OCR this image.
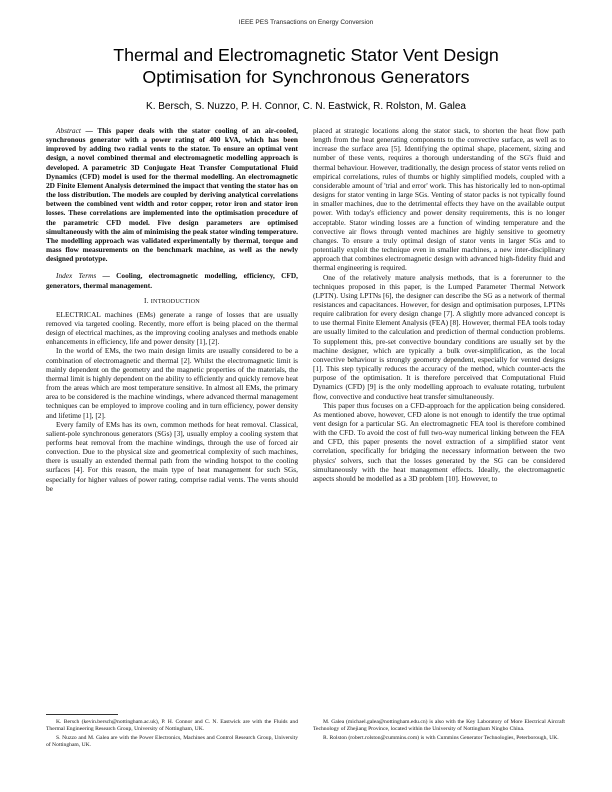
IEEE PES Transactions on Energy Conversion
Thermal and Electromagnetic Stator Vent Design
Optimisation for Synchronous Generators
K. Bersch, S. Nuzzo, P. H. Connor, C. N. Eastwick, R. Rolston, M. Galea

Abstract — This paper deals with the stator cooling of an air-cooled, synchronous generator with a power rating of 400 kVA, which has been improved by adding two radial vents to the stator. To ensure an optimal vent design, a novel combined thermal and electromagnetic modelling approach is developed. A parametric 3D Conjugate Heat Transfer Computational Fluid Dynamics (CFD) model is used for the thermal modelling. An electromagnetic 2D Finite Element Analysis determined the impact that venting the stator has on the loss distribution. The models are coupled by deriving analytical correlations between the combined vent width and rotor copper, rotor iron and stator iron losses. These correlations are implemented into the optimisation procedure of the parametric CFD model. Five design parameters are optimised simultaneously with the aim of minimising the peak stator winding temperature. The modelling approach was validated experimentally by thermal, torque and mass flow measurements on the benchmark machine, as well as the newly designed prototype.

Index Terms — Cooling, electromagnetic modelling, efficiency, CFD, generators, thermal management.

I. INTRODUCTION

ELECTRICAL machines (EMs) generate a range of losses that are usually removed via targeted cooling. Recently, more effort is being placed on the thermal design of electrical machines, as the improving cooling analyses and methods enable enhancements in efficiency, life and power density [1], [2].

In the world of EMs, the two main design limits are usually considered to be a combination of electromagnetic and thermal [2]. Whilst the electromagnetic limit is mainly dependent on the geometry and the magnetic properties of the materials, the thermal limit is highly dependent on the ability to efficiently and quickly remove heat from the areas which are most temperature sensitive. In almost all EMs, the primary area to be considered is the machine windings, where advanced thermal management techniques can be employed to improve cooling and in turn efficiency, power density and lifetime [1], [2].

Every family of EMs has its own, common methods for heat removal. Classical, salient-pole synchronous generators (SGs) [3], usually employ a cooling system that performs heat removal from the machine windings, through the use of forced air convection. Due to the physical size and geometrical complexity of such machines, there is usually an extended thermal path from the winding hotspot to the cooling surfaces [4]. For this reason, the main type of heat management for such SGs, especially for higher values of power rating, comprise radial vents. The vents should be

placed at strategic locations along the stator stack, to shorten the heat flow path length from the heat generating components to the convective surface, as well as to increase the surface area [5]. Identifying the optimal shape, placement, sizing and number of these vents, requires a thorough understanding of the SG's fluid and thermal behaviour. However, traditionally, the design process of stator vents relied on empirical correlations, rules of thumbs or highly simplified models, coupled with a considerable amount of 'trial and error' work. This has historically led to non-optimal designs for stator venting in large SGs. Venting of stator packs is not typically found in smaller machines, due to the detrimental effects they have on the available output power. With today's efficiency and power density requirements, this is no longer acceptable. Stator winding losses are a function of winding temperature and the convective air flows through vented machines are highly sensitive to geometry changes. To ensure a truly optimal design of stator vents in larger SGs and to potentially exploit the technique even in smaller machines, a new inter-disciplinary approach that combines electromagnetic design with advanced high-fidelity fluid and thermal engineering is required.

One of the relatively mature analysis methods, that is a forerunner to the techniques proposed in this paper, is the Lumped Parameter Thermal Network (LPTN). Using LPTNs [6], the designer can describe the SG as a network of thermal resistances and capacitances. However, for design and optimisation purposes, LPTNs require calibration for every design change [7]. A slightly more advanced concept is to use thermal Finite Element Analysis (FEA) [8]. However, thermal FEA tools today are usually limited to the calculation and prediction of thermal conduction problems. To supplement this, pre-set convective boundary conditions are usually set by the machine designer, which are typically a bulk over-simplification, as the local convective behaviour is strongly geometry dependent, especially for vented designs [1]. This step typically reduces the accuracy of the method, which counter-acts the purpose of the optimisation. It is therefore perceived that Computational Fluid Dynamics (CFD) [9] is the only modelling approach to evaluate rotating, turbulent flow, convective and conductive heat transfer simultaneously.

This paper thus focuses on a CFD-approach for the application being considered. As mentioned above, however, CFD alone is not enough to identify the true optimal vent design for a particular SG. An electromagnetic FEA tool is therefore combined with the CFD. To avoid the cost of full two-way numerical linking between the FEA and CFD, this paper presents the novel extraction of a simplified stator vent correlation, specifically for bridging the necessary information between the two physics' solvers, such that the losses generated by the SG can be considered simultaneously with the heat management effects. Ideally, the electromagnetic aspects should be modelled as a 3D problem [10]. However, to

K. Bersch (kevin.bersch@nottingham.ac.uk), P. H. Connor and C. N. Eastwick are with the Fluids and Thermal Engineering Research Group, University of Nottingham, UK.

S. Nuzzo and M. Galea are with the Power Electronics, Machines and Control Research Group, University of Nottingham, UK.

M. Galea (michael.galea@nottingham.edu.cn) is also with the Key Laboratory of More Electrical Aircraft Technology of Zhejiang Province, located within the University of Nottingham Ningbo China.

R. Rolston (robert.rolston@cummins.com) is with Cummins Generator Technologies, Peterborough, UK.
